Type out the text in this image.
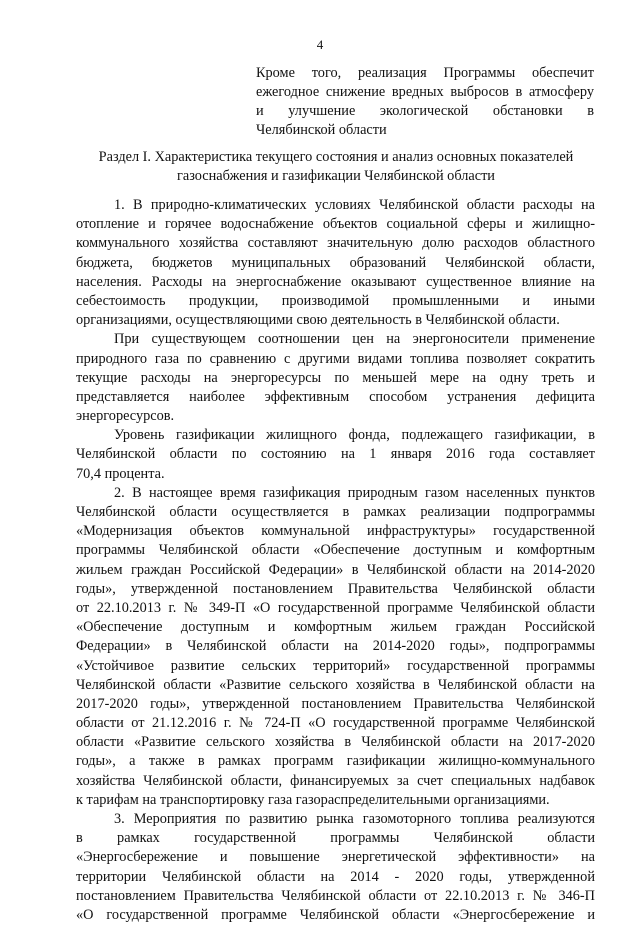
4
Кроме того, реализация Программы обеспечит
ежегодное снижение вредных выбросов в атмосферу
и улучшение экологической обстановки в
Челябинской области
Раздел I. Характеристика текущего состояния и анализ основных показателей
газоснабжения и газификации Челябинской области
1. В природно-климатических условиях Челябинской области расходы на
отопление и горячее водоснабжение объектов социальной сферы и жилищно-
коммунального хозяйства составляют значительную долю расходов областного
бюджета, бюджетов муниципальных образований Челябинской области,
населения. Расходы на энергоснабжение оказывают существенное влияние на
себестоимость продукции, производимой промышленными и иными
организациями, осуществляющими свою деятельность в Челябинской области.
При существующем соотношении цен на энергоносители применение
природного газа по сравнению с другими видами топлива позволяет сократить
текущие расходы на энергоресурсы по меньшей мере на одну треть и
представляется наиболее эффективным способом устранения дефицита
энергоресурсов.
Уровень газификации жилищного фонда, подлежащего газификации, в
Челябинской области по состоянию на 1 января 2016 года составляет
70,4 процента.
2. В настоящее время газификация природным газом населенных пунктов
Челябинской области осуществляется в рамках реализации подпрограммы
«Модернизация объектов коммунальной инфраструктуры» государственной
программы Челябинской области «Обеспечение доступным и комфортным
жильем граждан Российской Федерации» в Челябинской области на 2014-2020
годы», утвержденной постановлением Правительства Челябинской области
от 22.10.2013 г. № 349-П «О государственной программе Челябинской области
«Обеспечение доступным и комфортным жильем граждан Российской
Федерации» в Челябинской области на 2014-2020 годы», подпрограммы
«Устойчивое развитие сельских территорий» государственной программы
Челябинской области «Развитие сельского хозяйства в Челябинской области на
2017-2020 годы», утвержденной постановлением Правительства Челябинской
области от 21.12.2016 г. № 724-П «О государственной программе Челябинской
области «Развитие сельского хозяйства в Челябинской области на 2017-2020
годы», а также в рамках программ газификации жилищно-коммунального
хозяйства Челябинской области, финансируемых за счет специальных надбавок
к тарифам на транспортировку газа газораспределительными организациями.
3. Мероприятия по развитию рынка газомоторного топлива реализуются
в рамках государственной программы Челябинской области
«Энергосбережение и повышение энергетической эффективности» на
территории Челябинской области на 2014 - 2020 годы, утвержденной
постановлением Правительства Челябинской области от 22.10.2013 г. № 346-П
«О государственной программе Челябинской области «Энергосбережение и
